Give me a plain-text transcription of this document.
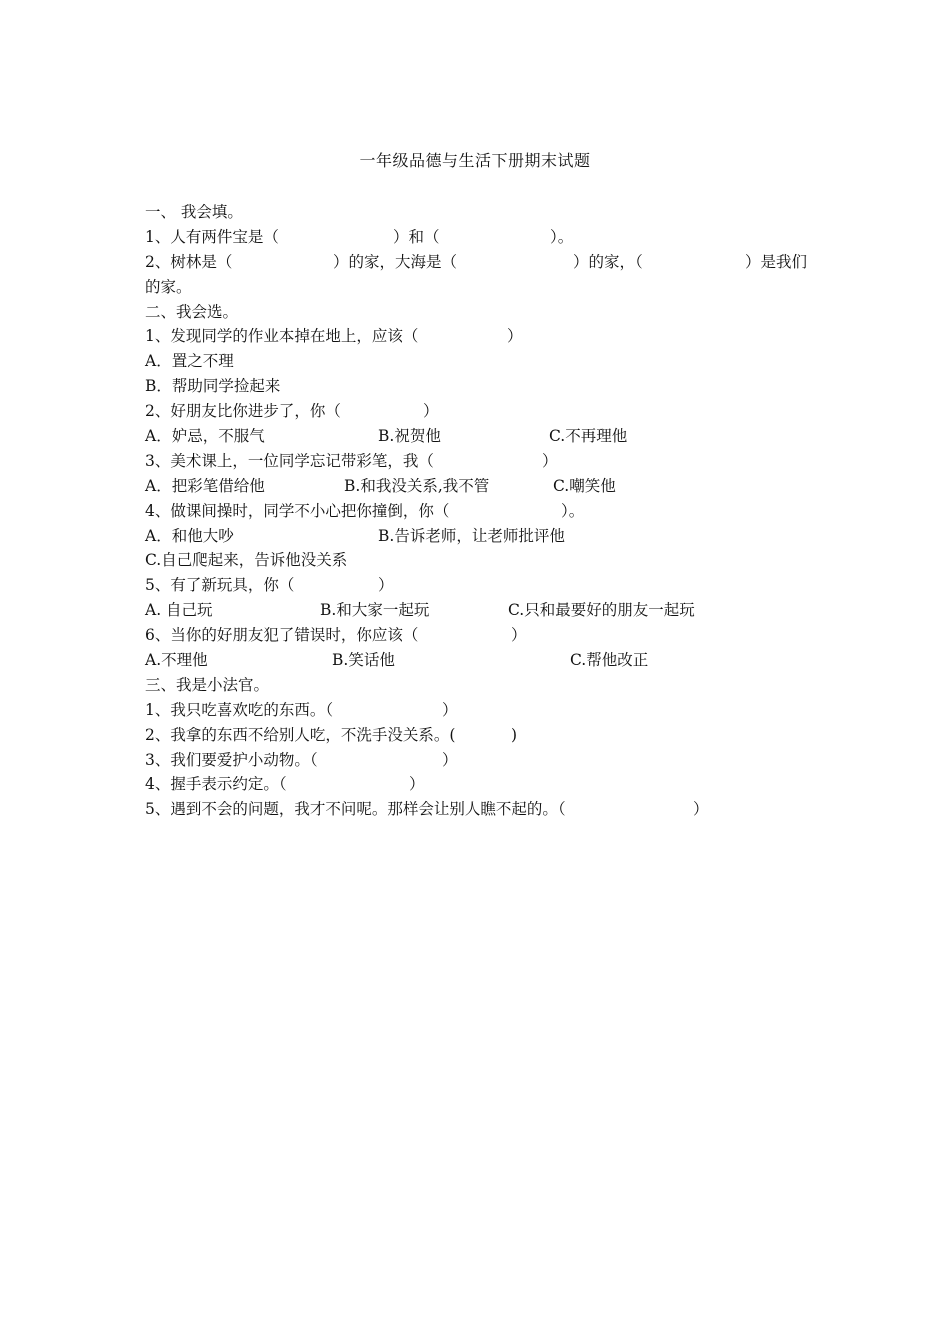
一年级品德与生活下册期末试题
一、 我会填。
1、人有两件宝是（	）和（	）。
2、树林是（	）的家，大海是（	）的家，（	）是我们
的家。
二、我会选。
1、发现同学的作业本掉在地上，应该（	）
A．置之不理
B．帮助同学捡起来
2、好朋友比你进步了，你（	）
A．妒忌，不服气	B.祝贺他	C.不再理他
3、美术课上，一位同学忘记带彩笔，我（	）
A．把彩笔借给他	B.和我没关系,我不管	C.嘲笑他
4、做课间操时，同学不小心把你撞倒，你（	）。
A．和他大吵	B.告诉老师，让老师批评他
C.自己爬起来，告诉他没关系
5、有了新玩具，你（	）
A. 自己玩	B.和大家一起玩	C.只和最要好的朋友一起玩
6、当你的好朋友犯了错误时，你应该（	）
A.不理他	B.笑话他	C.帮他改正
三、我是小法官。
1、我只吃喜欢吃的东西。（	）
2、我拿的东西不给别人吃，不洗手没关系。(	)
3、我们要爱护小动物。（	）
4、握手表示约定。（	）
5、遇到不会的问题，我才不问呢。那样会让别人瞧不起的。（	）
